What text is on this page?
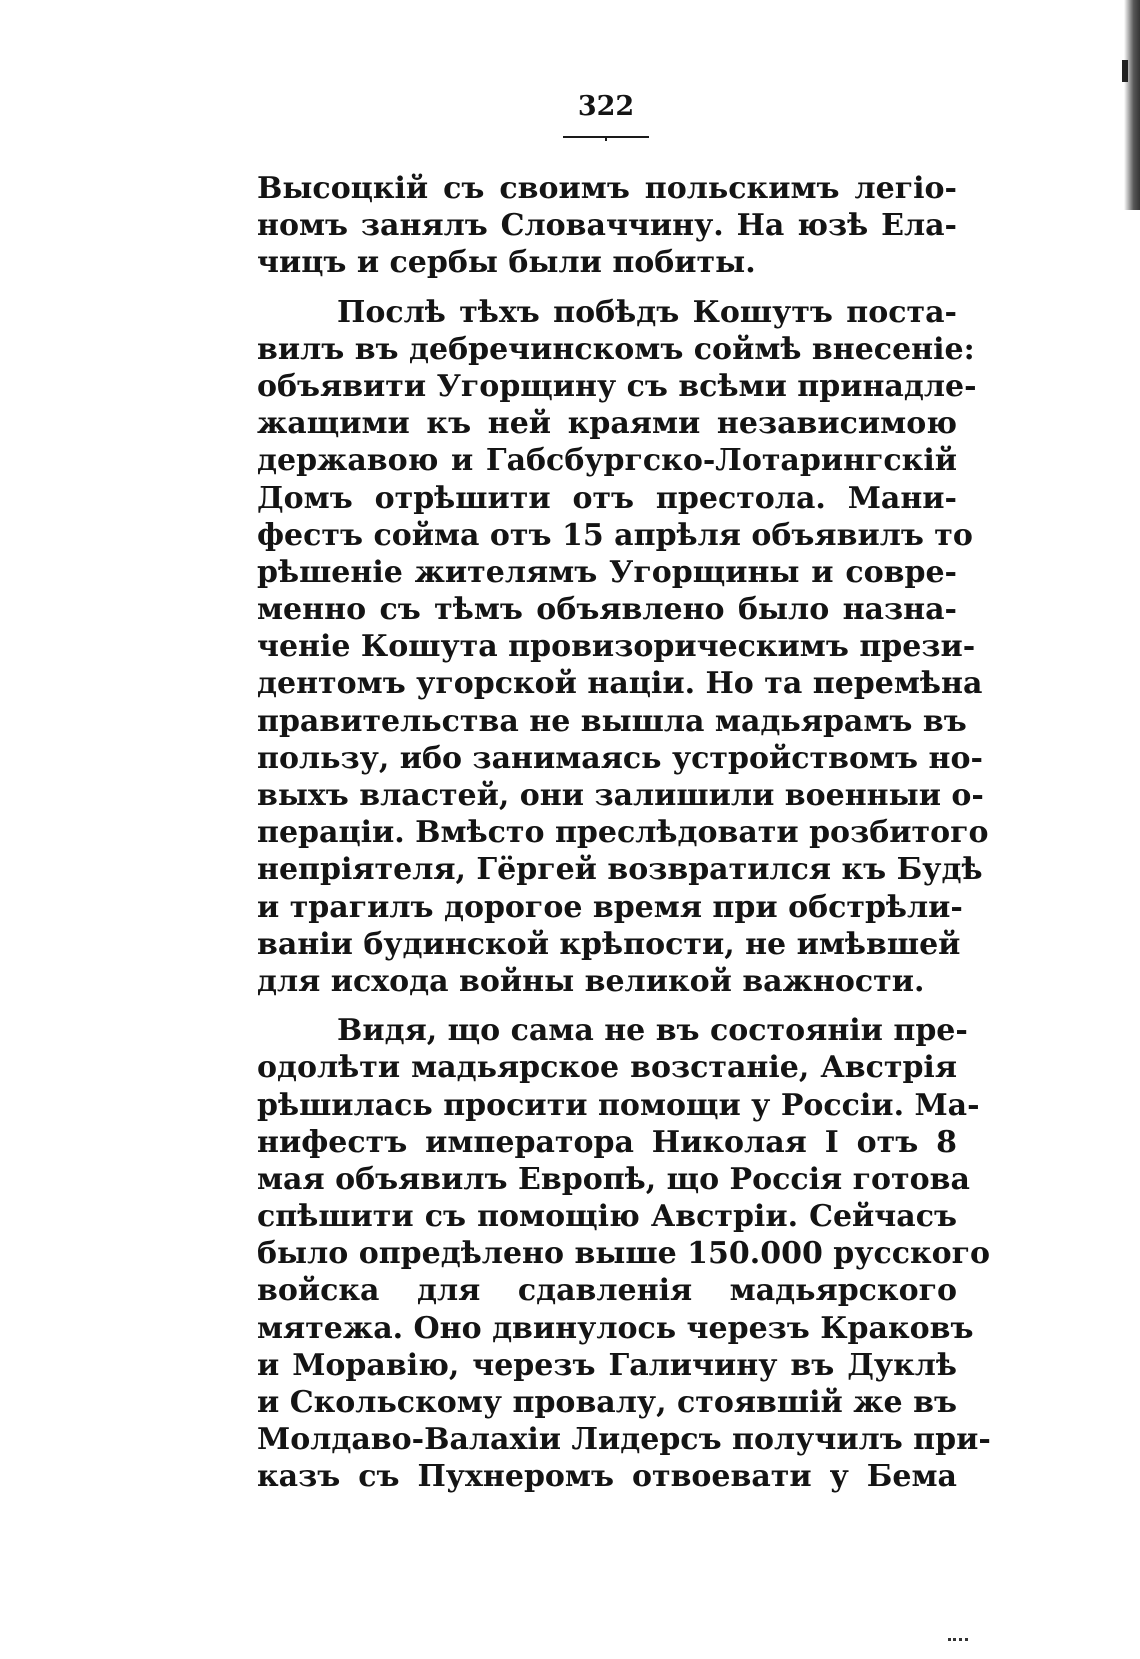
322
Высоцкій съ своимъ польскимъ легіо-
номъ занялъ Словаччину. На юзѣ Ела-
чицъ и сербы были побиты.
Послѣ тѣхъ побѣдъ Кошутъ поста-
вилъ въ дебречинскомъ соймѣ внесеніе:
объявити Угорщину съ всѣми принадле-
жащими къ ней краями независимою
державою и Габсбургско-Лотарингскій
Домъ отрѣшити отъ престола. Мани-
фестъ сойма отъ 15 апрѣля объявилъ то
рѣшеніе жителямъ Угорщины и совре-
менно съ тѣмъ объявлено было назна-
ченіе Кошута провизорическимъ прези-
дентомъ угорской націи. Но та перемѣна
правительства не вышла мадьярамъ въ
пользу, ибо занимаясь устройствомъ но-
выхъ властей, они залишили военныи о-
пераціи. Вмѣсто преслѣдовати розбитого
непріятеля, Гёргей возвратился къ Будѣ
и трагилъ дорогое время при обстрѣли-
ваніи будинской крѣпости, не имѣвшей
для исхода войны великой важности.
Видя, що сама не въ состояніи пре-
одолѣти мадьярское возстаніе, Австрія
рѣшилась просити помощи у Россіи. Ма-
нифестъ императора Николая I отъ 8
мая объявилъ Европѣ, що Россія готова
спѣшити съ помощію Австріи. Сейчасъ
было опредѣлено выше 150.000 русского
войска для сдавленія мадьярского
мятежа. Оно двинулось черезъ Краковъ
и Моравію, черезъ Галичину въ Дуклѣ
и Скольскому провалу, стоявшій же въ
Молдаво-Валахіи Лидерсъ получилъ при-
казъ съ Пухнеромъ отвоевати у Бема
